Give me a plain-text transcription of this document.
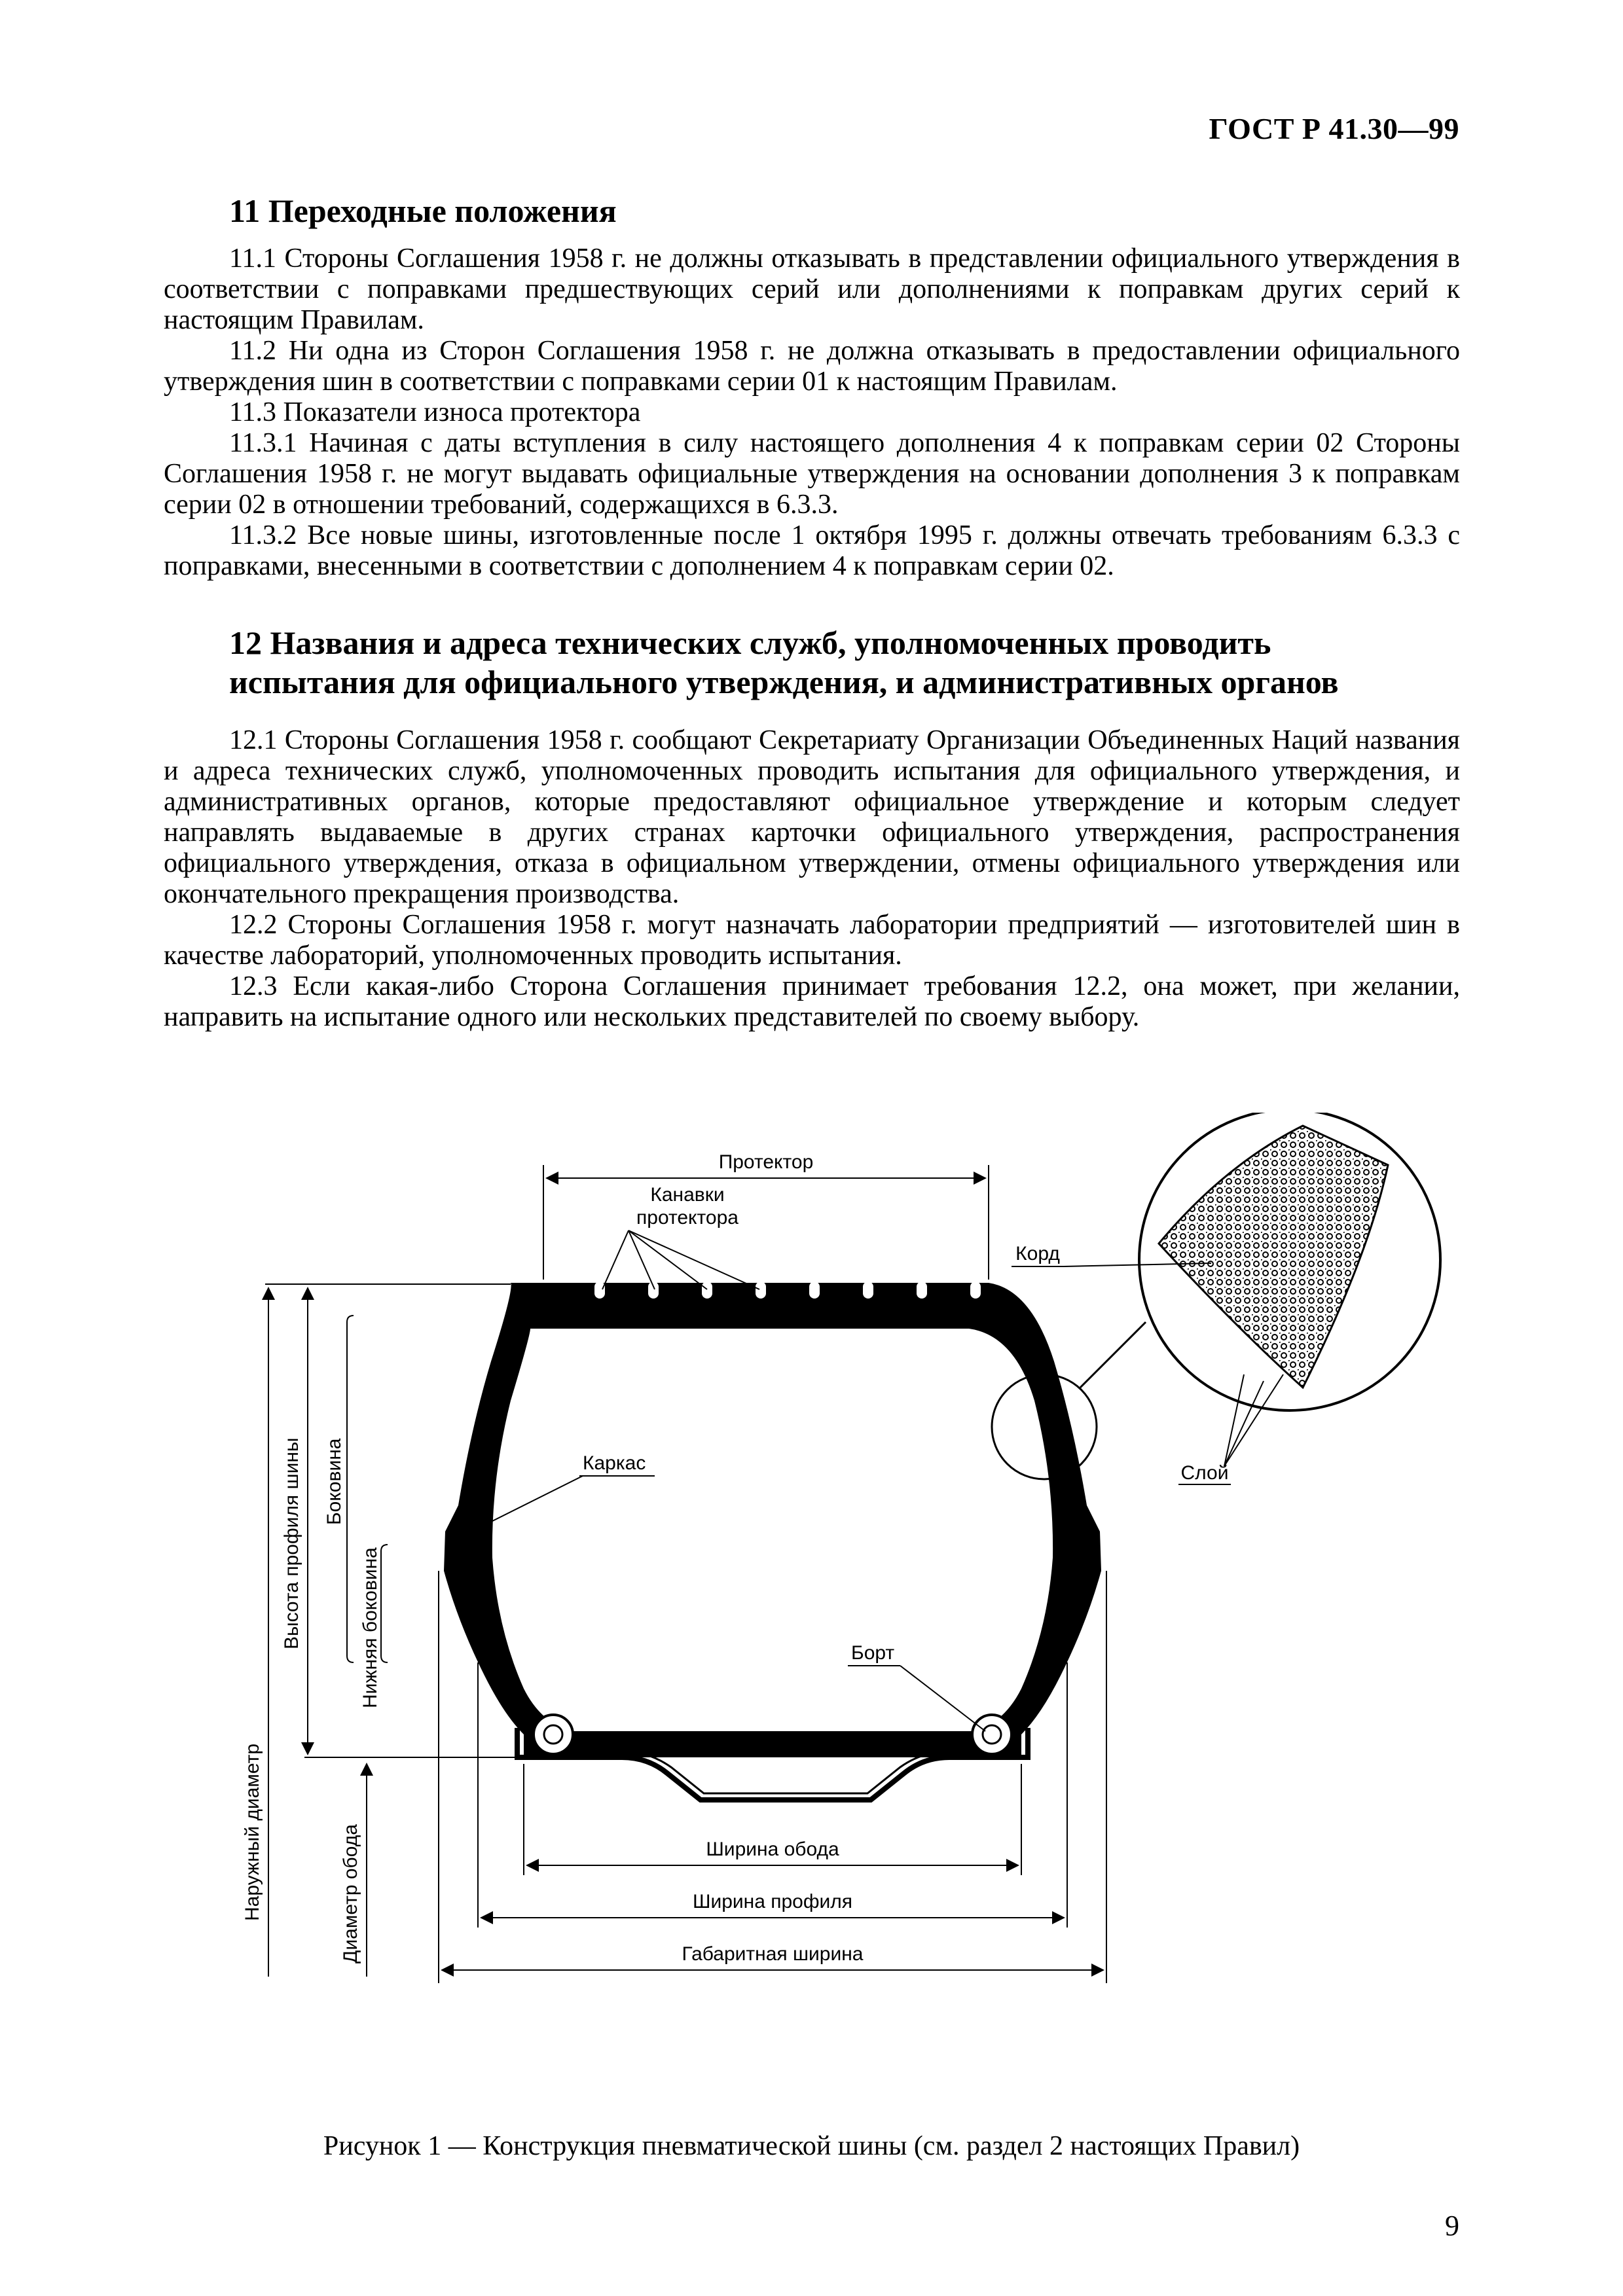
ГОСТ Р 41.30—99
11 Переходные положения

11.1 Стороны Соглашения 1958 г. не должны отказывать в представлении официального утверждения в соответствии с поправками предшествующих серий или дополнениями к поправкам других серий к настоящим Правилам.

11.2 Ни одна из Сторон Соглашения 1958 г. не должна отказывать в предоставлении официального утверждения шин в соответствии с поправками серии 01 к настоящим Правилам.

11.3 Показатели износа протектора

11.3.1 Начиная с даты вступления в силу настоящего дополнения 4 к поправкам серии 02 Стороны Соглашения 1958 г. не могут выдавать официальные утверждения на основании дополнения 3 к поправкам серии 02 в отношении требований, содержащихся в 6.3.3.

11.3.2 Все новые шины, изготовленные после 1 октября 1995 г. должны отвечать требованиям 6.3.3 с поправками, внесенными в соответствии с дополнением 4 к поправкам серии 02.

12 Названия и адреса технических служб, уполномоченных проводить
испытания для официального утверждения, и административных органов

12.1 Стороны Соглашения 1958 г. сообщают Секретариату Организации Объединенных Наций названия и адреса технических служб, уполномоченных проводить испытания для официального утверждения, и административных органов, которые предоставляют официальное утверждение и которым следует направлять выдаваемые в других странах карточки официального утверждения, распространения официального утверждения, отказа в официальном утверждении, отмены официального утверждения или окончательного прекращения производства.

12.2 Стороны Соглашения 1958 г. могут назначать лаборатории предприятий — изготовителей шин в качестве лабораторий, уполномоченных проводить испытания.

12.3 Если какая-либо Сторона Соглашения принимает требования 12.2, она может, при желании, направить на испытание одного или нескольких представителей по своему выбору.

Протектор
Канавки
протектора
Корд
Слой
Каркас
Борт
Ширина обода
Ширина профиля
Габаритная ширина
Наружный диаметр
Высота профиля шины Боковина
Нижняя боковина
Диаметр обода
Рисунок 1 — Конструкция пневматической шины (см. раздел 2 настоящих Правил)
9
